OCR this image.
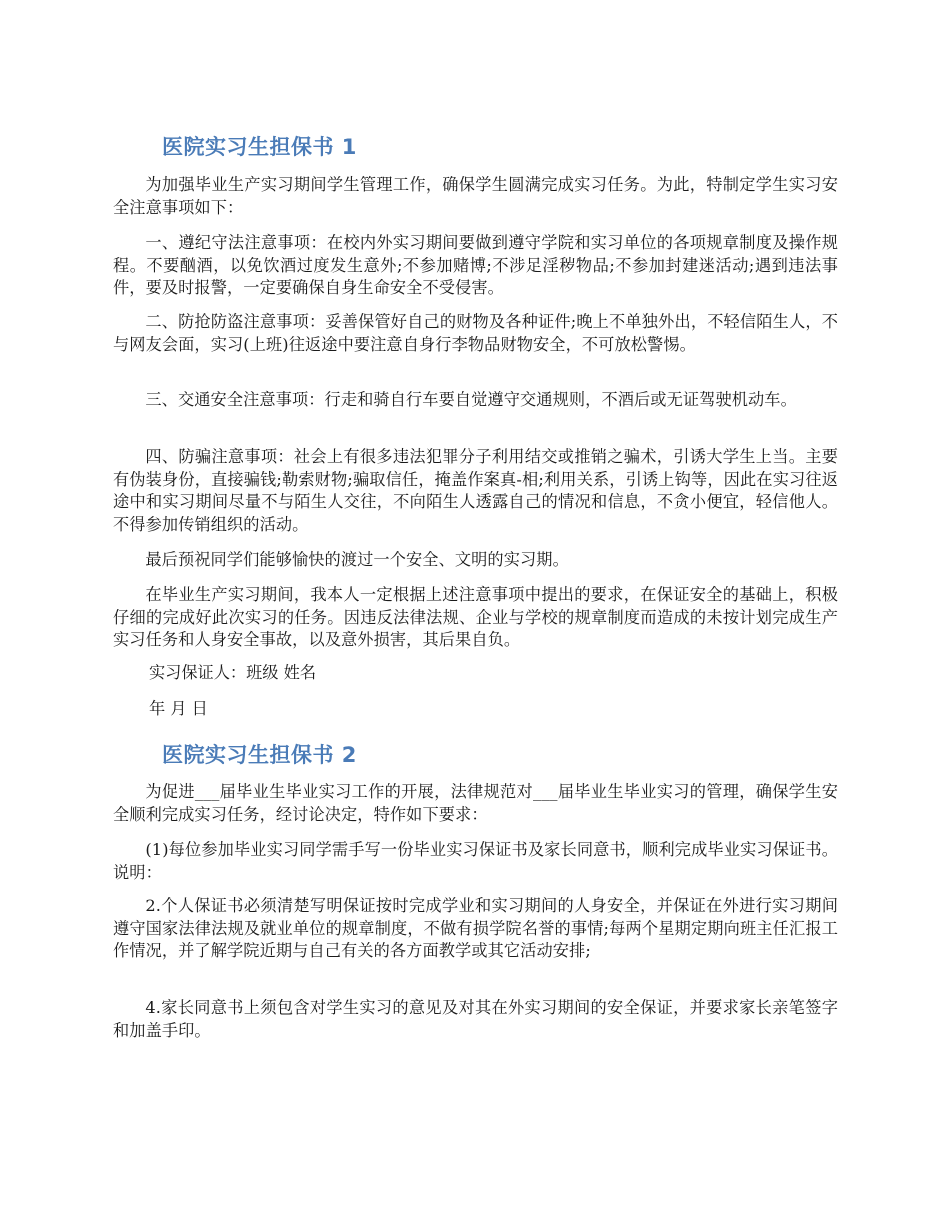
医院实习生担保书 1

为加强毕业生产实习期间学生管理工作，确保学生圆满完成实习任务。为此，特制定学生实习安全注意事项如下：

一、遵纪守法注意事项：在校内外实习期间要做到遵守学院和实习单位的各项规章制度及操作规程。不要酗酒，以免饮酒过度发生意外;不参加赌博;不涉足淫秽物品;不参加封建迷活动;遇到违法事件，要及时报警，一定要确保自身生命安全不受侵害。

二、防抢防盗注意事项：妥善保管好自己的财物及各种证件;晚上不单独外出，不轻信陌生人，不与网友会面，实习(上班)往返途中要注意自身行李物品财物安全，不可放松警惕。

三、交通安全注意事项：行走和骑自行车要自觉遵守交通规则，不酒后或无证驾驶机动车。

四、防骗注意事项：社会上有很多违法犯罪分子利用结交或推销之骗术，引诱大学生上当。主要有伪装身份，直接骗钱;勒索财物;骗取信任，掩盖作案真-相;利用关系，引诱上钩等，因此在实习往返途中和实习期间尽量不与陌生人交往，不向陌生人透露自己的情况和信息，不贪小便宜，轻信他人。不得参加传销组织的活动。

最后预祝同学们能够愉快的渡过一个安全、文明的实习期。

在毕业生产实习期间，我本人一定根据上述注意事项中提出的要求，在保证安全的基础上，积极仔细的完成好此次实习的任务。因违反法律法规、企业与学校的规章制度而造成的未按计划完成生产实习任务和人身安全事故，以及意外损害，其后果自负。

实习保证人：班级 姓名
年 月 日
医院实习生担保书 2

为促进___届毕业生毕业实习工作的开展，法律规范对___届毕业生毕业实习的管理，确保学生安全顺利完成实习任务，经讨论决定，特作如下要求：

(1)每位参加毕业实习同学需手写一份毕业实习保证书及家长同意书，顺利完成毕业实习保证书。 说明：

2.个人保证书必须清楚写明保证按时完成学业和实习期间的人身安全，并保证在外进行实习期间遵守国家法律法规及就业单位的规章制度，不做有损学院名誉的事情;每两个星期定期向班主任汇报工作情况，并了解学院近期与自己有关的各方面教学或其它活动安排;

4.家长同意书上须包含对学生实习的意见及对其在外实习期间的安全保证，并要求家长亲笔签字和加盖手印。
